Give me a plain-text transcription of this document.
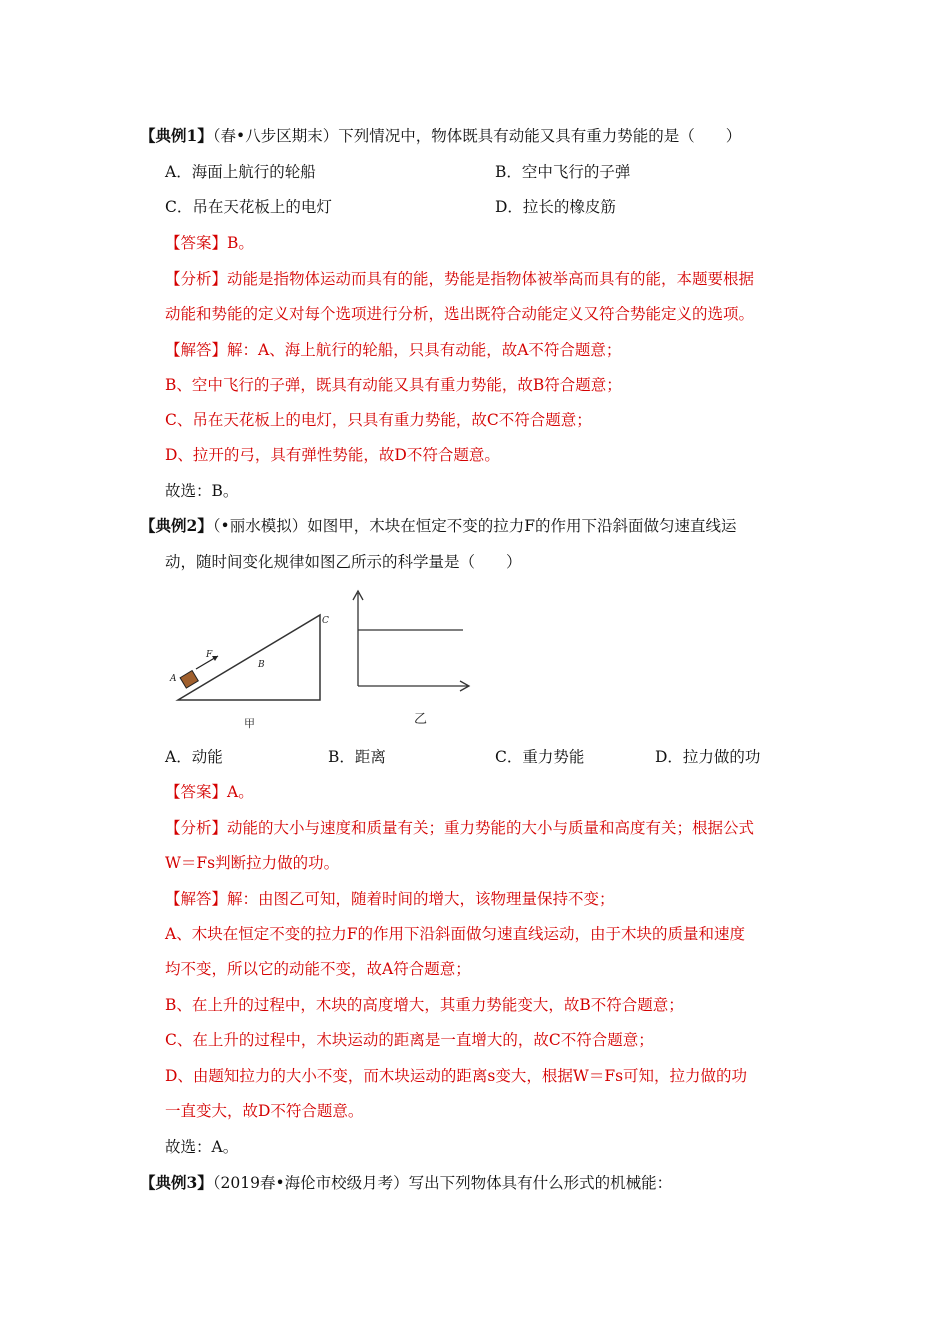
【典例1】（春•八步区期末）下列情况中，物体既具有动能又具有重力势能的是（　　）
A．海面上航行的轮船	B．空中飞行的子弹
C．吊在天花板上的电灯	D．拉长的橡皮筋
【答案】B。
【分析】动能是指物体运动而具有的能，势能是指物体被举高而具有的能，本题要根据
动能和势能的定义对每个选项进行分析，选出既符合动能定义又符合势能定义的选项。
【解答】解：A、海上航行的轮船，只具有动能，故A不符合题意；
B、空中飞行的子弹，既具有动能又具有重力势能，故B符合题意；
C、吊在天花板上的电灯，只具有重力势能，故C不符合题意；
D、拉开的弓，具有弹性势能，故D不符合题意。
故选：B。
【典例2】（•丽水模拟）如图甲，木块在恒定不变的拉力F的作用下沿斜面做匀速直线运
动，随时间变化规律如图乙所示的科学量是（　　）
F
A
B
C
甲	乙
A．动能	B．距离	C．重力势能	D．拉力做的功
【答案】A。
【分析】动能的大小与速度和质量有关；重力势能的大小与质量和高度有关；根据公式
W＝Fs判断拉力做的功。
【解答】解：由图乙可知，随着时间的增大，该物理量保持不变；
A、木块在恒定不变的拉力F的作用下沿斜面做匀速直线运动，由于木块的质量和速度
均不变，所以它的动能不变，故A符合题意；
B、在上升的过程中，木块的高度增大，其重力势能变大，故B不符合题意；
C、在上升的过程中，木块运动的距离是一直增大的，故C不符合题意；
D、由题知拉力的大小不变，而木块运动的距离s变大，根据W＝Fs可知，拉力做的功
一直变大，故D不符合题意。
故选：A。
【典例3】（2019春•海伦市校级月考）写出下列物体具有什么形式的机械能：
